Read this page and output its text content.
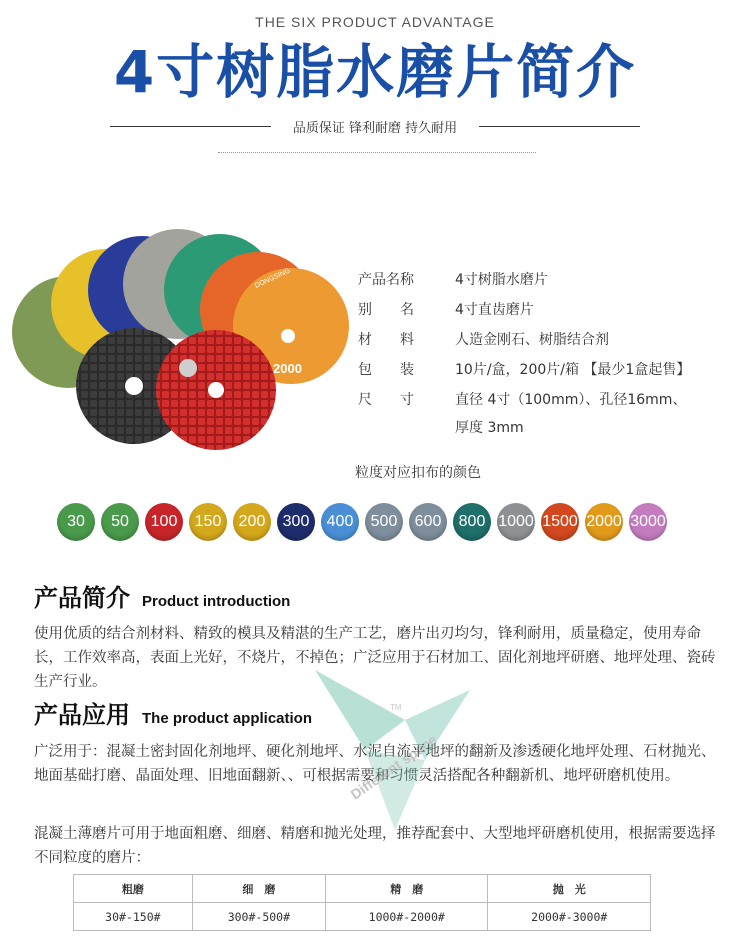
THE SIX PRODUCT ADVANTAGE
4寸树脂水磨片简介
品质保证 锋利耐磨 持久耐用
2000
DONGSING	产品名称	4寸树脂水磨片
别　　名	4寸直齿磨片
材　　料	人造金刚石、树脂结合剂
包　　装	10片/盒，200片/箱 【最少1盒起售】
尺　　寸	直径 4寸（100mm）、孔径16mm、厚度 3mm
粒度对应扣布的颜色
30	50	100	150	200	300	400	500	600	800 1000 1500 2000 3000
产品简介 Product introduction
使用优质的结合剂材料、精致的模具及精湛的生产工艺，磨片出刃均匀，锋利耐用，质量稳定，使用寿命长，工作效率高，表面上光好，不烧片，不掉色；广泛应用于石材加工、固化剂地坪研磨、地坪处理、瓷砖生产行业。
产品应用 The product application
广泛用于：混凝土密封固化剂地坪、硬化剂地坪、水泥自流平地坪的翻新及渗透硬化地坪处理、石材抛光、地面基础打磨、晶面处理、旧地面翻新、、可根据需要和习惯灵活搭配各种翻新机、地坪研磨机使用。
混凝土薄磨片可用于地面粗磨、细磨、精磨和抛光处理，推荐配套中、大型地坪研磨机使用，根据需要选择不同粒度的磨片：
TM
Different space
粗磨	细　磨	精　磨	抛　光
30#-150#	300#-500#	1000#-2000#	2000#-3000#
